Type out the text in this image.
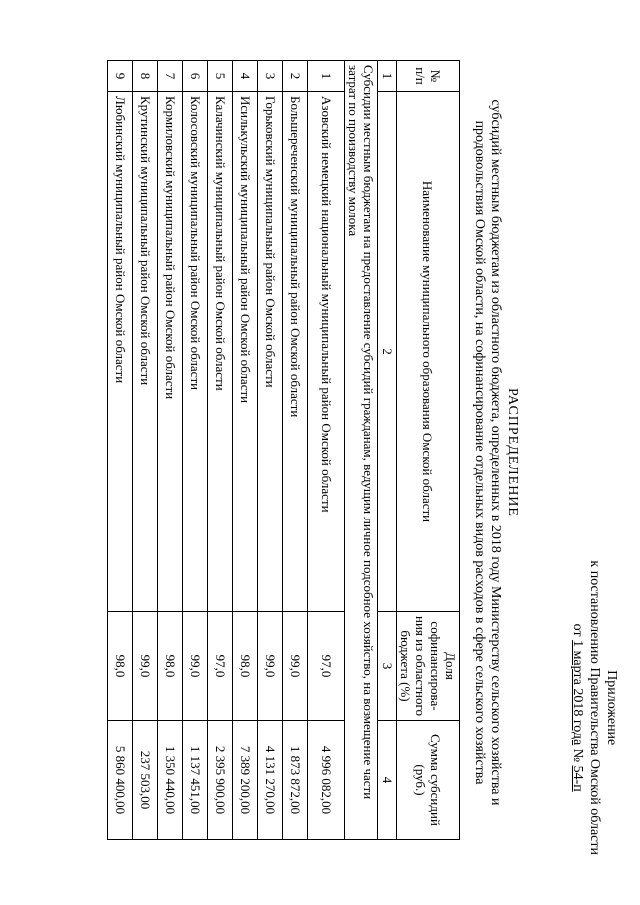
Приложение
к постановлению Правительства Омской области
от 1 марта 2018 года № 54-п
РАСПРЕДЕЛЕНИЕ
субсидий местным бюджетам из областного бюджета, определенных в 2018 году Министерству сельского хозяйства и продовольствия Омской области, на софинансирование отдельных видов расходов в сфере сельского хозяйства
№ п/п	Наименование муниципального образования Омской области	Доля софинансирова-ния из областного бюджета (%)	Сумма субсидий (руб.)
1	2	3	4
Субсидии местным бюджетам на предоставление субсидий гражданам, ведущим личное подсобное хозяйство, на возмещение части затрат по производству молока			
1	Азовский немецкий национальный муниципальный район Омской области	97,0	4 996 082,00
2	Большереченский муниципальный район Омской области	99,0	1 873 872,00
3	Горьковский муниципальный район Омской области	99,0	4 131 270,00
4	Исилькульский муниципальный район Омской области	98,0	7 389 200,00
5	Калачинский муниципальный район Омской области	97,0	2 395 900,00
6	Колосовский муниципальный район Омской области	99,0	1 137 451,00
7	Кормиловский муниципальный район Омской области	98,0	1 350 440,00
8	Крутинский муниципальный район Омской области	99,0	237 503,00
9	Любинский муниципальный район Омской области	98,0	5 860 400,00
